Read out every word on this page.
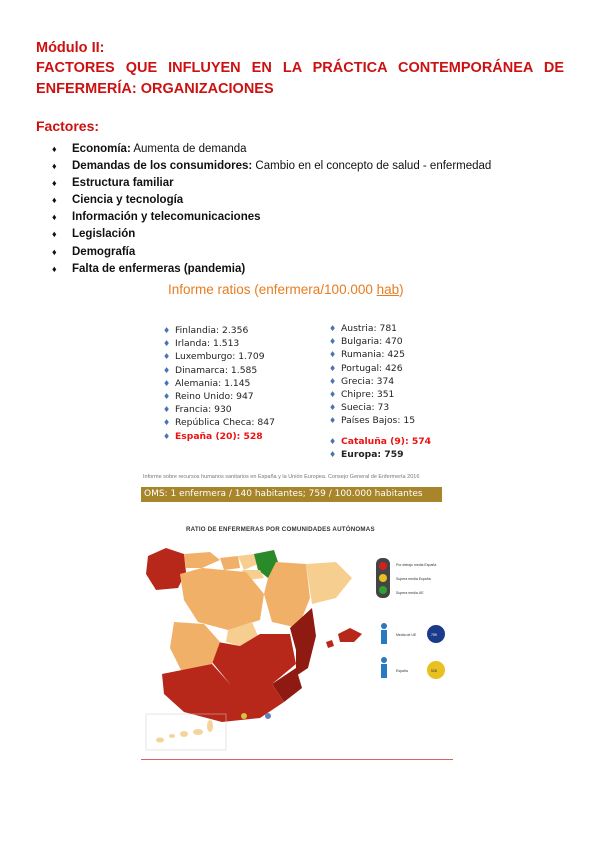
Módulo II:
FACTORES QUE INFLUYEN EN LA PRÁCTICA CONTEMPORÁNEA DE ENFERMERÍA: ORGANIZACIONES
Factores:
♦ Economía: Aumenta de demanda
♦ Demandas de los consumidores: Cambio en el concepto de salud - enfermedad
♦ Estructura familiar
♦ Ciencia y tecnología
♦ Información y telecomunicaciones
♦ Legislación
♦ Demografía
♦ Falta de enfermeras (pandemia)
Informe ratios (enfermera/100.000 hab)
♦ Finlandia: 2.356
♦ Irlanda: 1.513
♦ Luxemburgo: 1.709
♦ Dinamarca: 1.585
♦ Alemania: 1.145
♦ Reino Unido: 947
♦ Francia: 930
♦ República Checa: 847
♦ España (20): 528
♦ Austria: 781
♦ Bulgaria: 470
♦ Rumania: 425
♦ Portugal: 426
♦ Grecia: 374
♦ Chipre: 351
♦ Suecia: 73
♦ Países Bajos: 15
♦ Cataluña (9): 574
♦ Europa: 759
Informe sobre recursos humanos sanitarios en España y la Unión Europea. Consejo General de Enfermería 2016
OMS: 1 enfermera / 140 habitantes; 759 / 100.000 habitantes
RATIO DE ENFERMERAS POR COMUNIDADES AUTÓNOMAS
Por debajo media España
Supera media España
Supera media UE
Media de UE	759
España	528
